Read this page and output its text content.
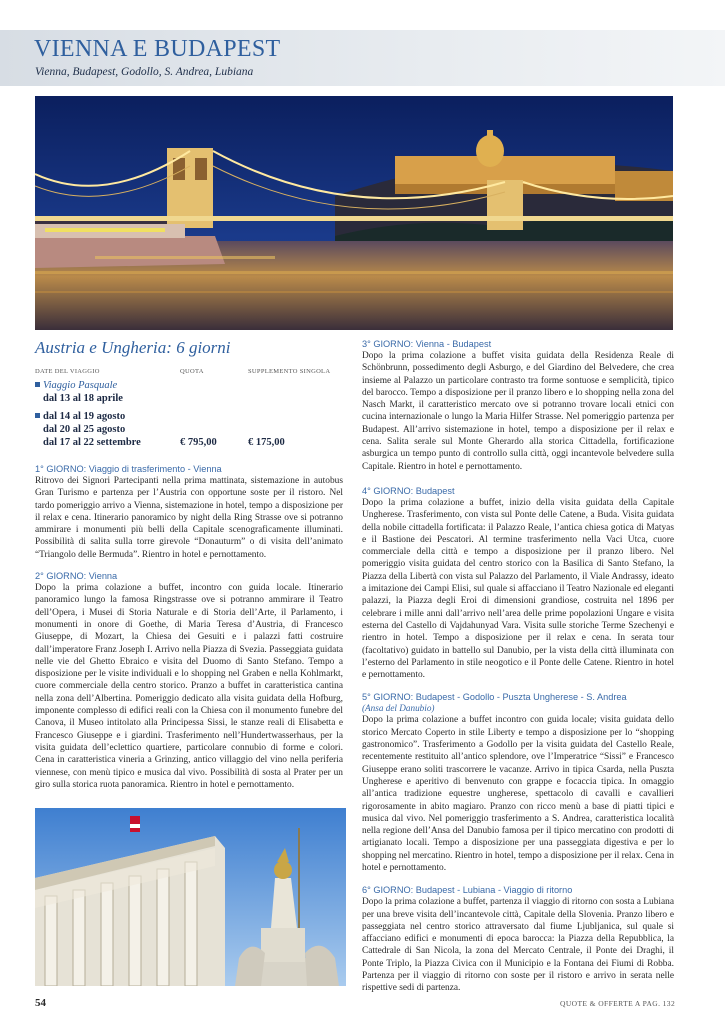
VIENNA E BUDAPEST
Vienna, Budapest, Godollo, S. Andrea, Lubiana
Austria e Ungheria: 6 giorni
DATE DEL VIAGGIO	QUOTA	SUPPLEMENTO SINGOLA
Viaggio Pasquale
dal 13 al 18 aprile
dal 14 al 19 agosto
dal 20 al 25 agosto
dal 17 al 22 settembre	€ 795,00	€ 175,00
1° GIORNO: Viaggio di trasferimento - Vienna

Ritrovo dei Signori Partecipanti nella prima mattinata, sistemazione in autobus Gran Turismo e partenza per l’Austria con opportune soste per il ristoro. Nel tardo pomeriggio arrivo a Vienna, sistemazione in hotel, tempo a disposizione per il relax e cena. Itinerario panoramico by night della Ring Strasse ove si potranno ammirare i monumenti più belli della Capitale scenograficamente illuminati. Possibilità di salita sulla torre girevole “Donauturm” o di visita dell’animato “Triangolo delle Bermuda”. Rientro in hotel e pernottamento.

2° GIORNO: Vienna

Dopo la prima colazione a buffet, incontro con guida locale. Itinerario panoramico lungo la famosa Ringstrasse ove si potranno ammirare il Teatro dell’Opera, i Musei di Storia Naturale e di Storia dell’Arte, il Parlamento, i monumenti in onore di Goethe, di Maria Teresa d’Austria, di Francesco Giuseppe, di Mozart, la Chiesa dei Gesuiti e i palazzi fatti costruire dall’imperatore Franz Joseph I. Arrivo nella Piazza di Svezia. Passeggiata guidata nelle vie del Ghetto Ebraico e visita del Duomo di Santo Stefano. Tempo a disposizione per le visite individuali e lo shopping nel Graben e nella Kohlmarkt, cuore commerciale della centro storico. Pranzo a buffet in caratteristica cantina nella zona dell’Albertina. Pomeriggio dedicato alla visita guidata della Hofburg, imponente complesso di edifici reali con la Chiesa con il monumento funebre del Canova, il Museo intitolato alla Principessa Sissi, le stanze reali di Elisabetta e Francesco Giuseppe e i giardini. Trasferimento nell’Hundertwasserhaus, per la visita guidata dell’eclettico quartiere, particolare connubio di forme e colori. Cena in caratteristica vineria a Grinzing, antico villaggio del vino nella periferia viennese, con menù tipico e musica dal vivo. Possibilità di sosta al Prater per un giro sulla storica ruota panoramica. Rientro in hotel e pernottamento.

3° GIORNO: Vienna - Budapest

Dopo la prima colazione a buffet visita guidata della Residenza Reale di Schönbrunn, possedimento degli Asburgo, e del Giardino del Belvedere, che crea insieme al Palazzo un particolare contrasto tra forme sontuose e semplicità, tipico del barocco. Tempo a disposizione per il pranzo libero e lo shopping nella zona del Nasch Markt, il caratteristico mercato ove si potranno trovare locali etnici con cucina internazionale o lungo la Maria Hilfer Strasse. Nel pomeriggio partenza per Budapest. All’arrivo sistemazione in hotel, tempo a disposizione per il relax e cena. Salita serale sul Monte Gherardo alla storica Cittadella, fortificazione asburgica un tempo punto di controllo sulla città, oggi incantevole belvedere sulla Capitale. Rientro in hotel e pernottamento.

4° GIORNO: Budapest

Dopo la prima colazione a buffet, inizio della visita guidata della Capitale Ungherese. Trasferimento, con vista sul Ponte delle Catene, a Buda. Visita guidata della nobile cittadella fortificata: il Palazzo Reale, l’antica chiesa gotica di Matyas e il Bastione dei Pescatori. Al termine trasferimento nella Vaci Utca, cuore commerciale della città e tempo a disposizione per il pranzo libero. Nel pomeriggio visita guidata del centro storico con la Basilica di Santo Stefano, la Piazza della Libertà con vista sul Palazzo del Parlamento, il Viale Andrassy, ideato a imitazione dei Campi Elisi, sul quale si affacciano il Teatro Nazionale ed eleganti palazzi, la Piazza degli Eroi di dimensioni grandiose, costruita nel 1896 per celebrare i mille anni dall’arrivo nell’area delle prime popolazioni Ungare e visita esterna del Castello di Vajdahunyad Vara. Visita sulle storiche Terme Szechenyi e rientro in hotel. Tempo a disposizione per il relax e cena. In serata tour (facoltativo) guidato in battello sul Danubio, per la vista della città illuminata con l’esterno del Parlamento in stile neogotico e il Ponte delle Catene. Rientro in hotel e pernottamento.

5° GIORNO: Budapest - Godollo - Puszta Ungherese - S. Andrea
(Ansa del Danubio)

Dopo la prima colazione a buffet incontro con guida locale; visita guidata dello storico Mercato Coperto in stile Liberty e tempo a disposizione per lo “shopping gastronomico”. Trasferimento a Godollo per la visita guidata del Castello Reale, recentemente restituito all’antico splendore, ove l’Imperatrice “Sissi” e Francesco Giuseppe erano soliti trascorrere le vacanze. Arrivo in tipica Csarda, nella Puszta Ungherese e aperitivo di benvenuto con grappe e focaccia tipica. In omaggio all’antica tradizione equestre ungherese, spettacolo di cavalli e cavallieri rigorosamente in abito magiaro. Pranzo con ricco menù a base di piatti tipici e musica dal vivo. Nel pomeriggio trasferimento a S. Andrea, caratteristica località nella regione dell’Ansa del Danubio famosa per il tipico mercatino con prodotti di artigianato locali. Tempo a disposizione per una passeggiata digestiva e per lo shopping nel mercatino. Rientro in hotel, tempo a disposizione per il relax. Cena in hotel e pernottamento.

6° GIORNO: Budapest - Lubiana - Viaggio di ritorno

Dopo la prima colazione a buffet, partenza il viaggio di ritorno con sosta a Lubiana per una breve visita dell’incantevole città, Capitale della Slovenia. Pranzo libero e passeggiata nel centro storico attraversato dal fiume Ljubljanica, sul quale si affacciano edifici e monumenti di epoca barocca: la Piazza della Repubblica, la Cattedrale di San Nicola, la zona del Mercato Centrale, il Ponte dei Draghi, il Ponte Triplo, la Piazza Civica con il Municipio e la Fontana dei Fiumi di Robba. Partenza per il viaggio di ritorno con soste per il ristoro e arrivo in serata nelle rispettive sedi di partenza.

54	QUOTE & OFFERTE A PAG. 132
